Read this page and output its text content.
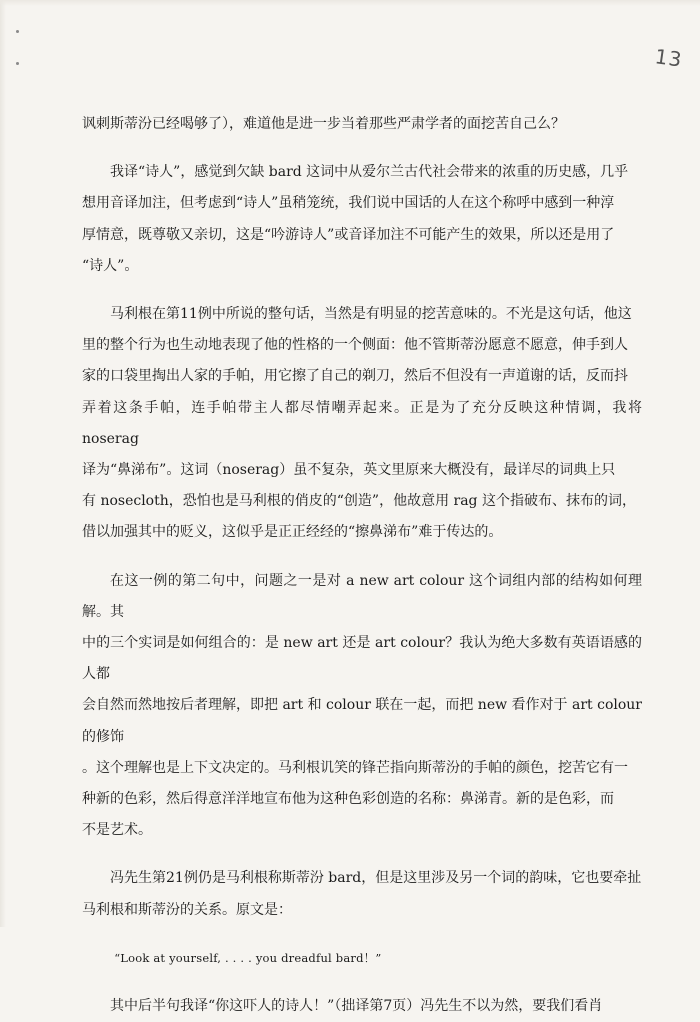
13

讽刺斯蒂汾已经喝够了），难道他是进一步当着那些严肃学者的面挖苦自己么？

我译“诗人”，感觉到欠缺 bard 这词中从爱尔兰古代社会带来的浓重的历史感，几乎
想用音译加注，但考虑到“诗人”虽稍笼统，我们说中国话的人在这个称呼中感到一种淳
厚情意，既尊敬又亲切，这是“吟游诗人”或音译加注不可能产生的效果，所以还是用了
“诗人”。

马利根在第11例中所说的整句话，当然是有明显的挖苦意味的。不光是这句话，他这
里的整个行为也生动地表现了他的性格的一个侧面：他不管斯蒂汾愿意不愿意，伸手到人
家的口袋里掏出人家的手帕，用它擦了自己的剃刀，然后不但没有一声道谢的话，反而抖
弄着这条手帕，连手帕带主人都尽情嘲弄起来。正是为了充分反映这种情调，我将 noserag
译为“鼻涕布”。这词（noserag）虽不复杂，英文里原来大概没有，最详尽的词典上只
有 nosecloth，恐怕也是马利根的俏皮的“创造”，他故意用 rag 这个指破布、抹布的词，
借以加强其中的贬义，这似乎是正正经经的“擦鼻涕布”难于传达的。

在这一例的第二句中，问题之一是对 a new art colour 这个词组内部的结构如何理解。其
中的三个实词是如何组合的：是 new art 还是 art colour？我认为绝大多数有英语语感的人都
会自然而然地按后者理解，即把 art 和 colour 联在一起，而把 new 看作对于 art colour 的修饰
。这个理解也是上下文决定的。马利根讥笑的锋芒指向斯蒂汾的手帕的颜色，挖苦它有一
种新的色彩，然后得意洋洋地宣布他为这种色彩创造的名称：鼻涕青。新的是色彩，而
不是艺术。

冯先生第21例仍是马利根称斯蒂汾 bard，但是这里涉及另一个词的韵味，它也要牵扯
马利根和斯蒂汾的关系。原文是：

“Look at yourself, . . . . you dreadful bard！”

其中后半句我译“你这吓人的诗人！”（拙译第7页）冯先生不以为然，要我们看肖
